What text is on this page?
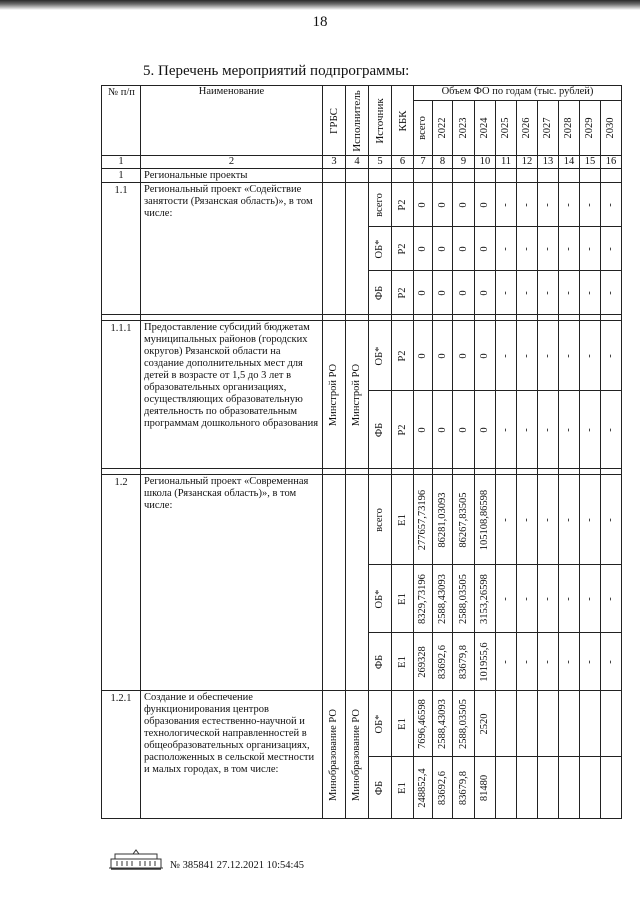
18
5. Перечень мероприятий подпрограммы:
№ п/п	Наименование	ГРБС	Исполнитель	Источник	КБК	Объем ФО по годам (тыс. рублей)									

						всего	2022	2023	2024	2025	2026	2027	2028	2029	2030

1	2	3	4	5	6	7	8	9	10	11	12	13	14	15	16
1	Региональные проекты														
1.1	Региональный проект «Содействие занятости (Рязанская область)», в том числе:			всего	Р2	0	0	0	0	-	-	-	-	-	-

				ОБ*	Р2	0	0	0	0	-	-	-	-	-	-

				ФБ	Р2	0	0	0	0	-	-	-	-	-	-

1.1.1	Предоставление субсидий бюджетам муниципальных районов (городских округов) Рязанской области на создание дополнительных мест для детей в возрасте от 1,5 до 3 лет в образовательных организациях, осуществляющих образовательную деятельность по образовательным программам дошкольного образования	Минстрой РО	Минстрой РО	ОБ*	Р2	0	0	0	0	-	-	-	-	-	-

				ФБ	Р2	0	0	0	0	-	-	-	-	-	-

1.2	Региональный проект «Современная школа (Рязанская область)», в том числе:			всего	Е1	277657,73196	86281,03093	86267,83505	105108,86598	-	-	-	-	-	-

				ОБ*	Е1	8329,73196	2588,43093	2588,03505	3153,26598	-	-	-	-	-	-

				ФБ	Е1	269328	83692,6	83679,8	101955,6	-	-	-	-	-	-

1.2.1	Создание и обеспечение функционирования центров образования естественно-научной и технологической направленностей в общеобразовательных организациях, расположенных в сельской местности и малых городах, в том числе:	Минобразование РО	Минобразование РО	ОБ*	Е1	7696,46598	2588,43093	2588,03505	2520						

				ФБ	Е1	248852,4	83692,6	83679,8	81480						

№ 385841 27.12.2021 10:54:45
